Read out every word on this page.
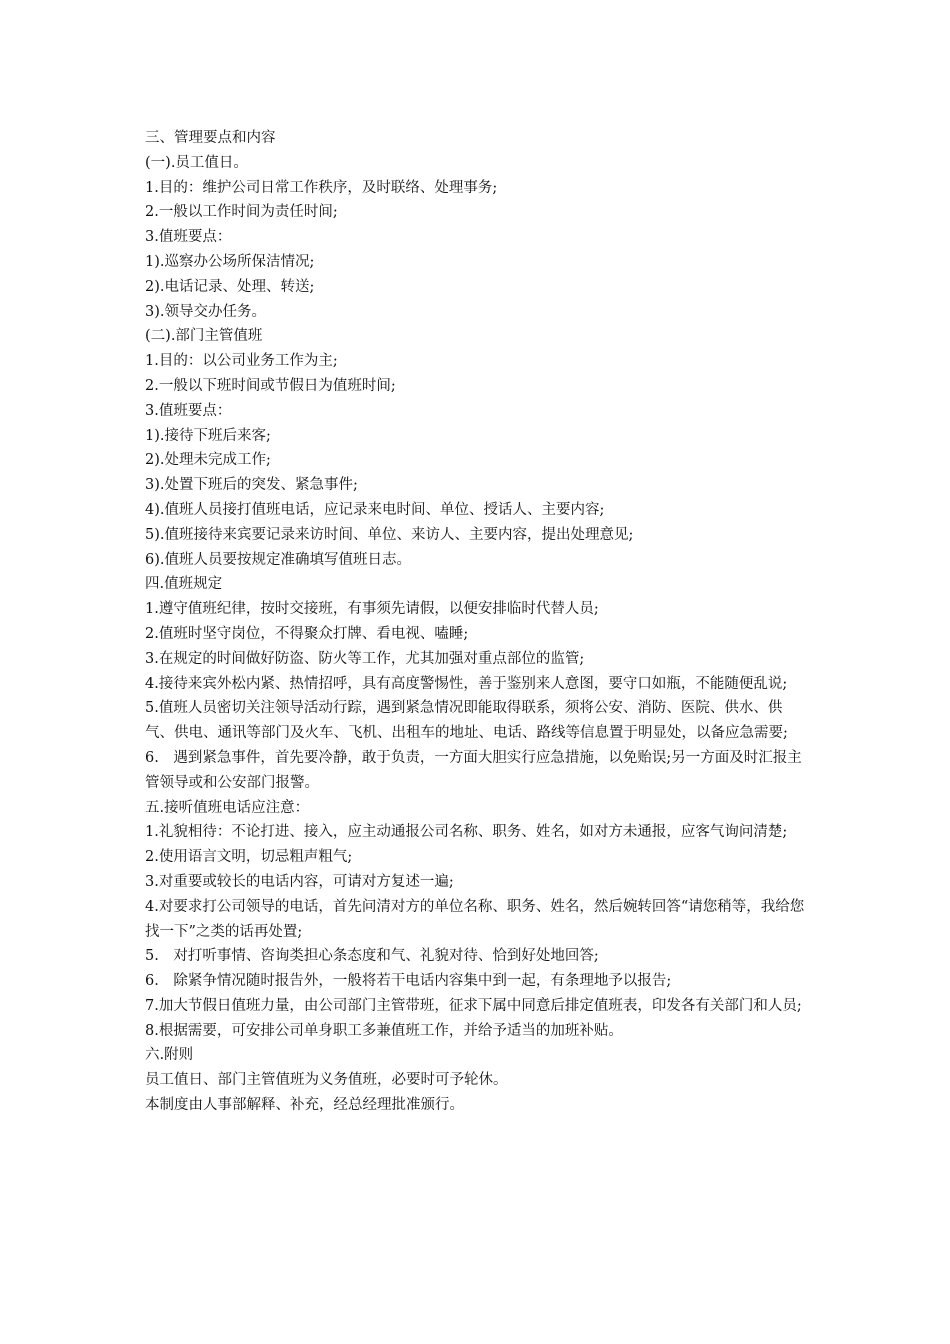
三、管理要点和内容

(一).员工值日。

1.目的：维护公司日常工作秩序，及时联络、处理事务;

2.一般以工作时间为责任时间;

3.值班要点：

1).巡察办公场所保洁情况;

2).电话记录、处理、转送;

3).领导交办任务。

(二).部门主管值班

1.目的：以公司业务工作为主;

2.一般以下班时间或节假日为值班时间;

3.值班要点：

1).接待下班后来客;

2).处理未完成工作;

3).处置下班后的突发、紧急事件;

4).值班人员接打值班电话，应记录来电时间、单位、授话人、主要内容;

5).值班接待来宾要记录来访时间、单位、来访人、主要内容，提出处理意见;

6).值班人员要按规定准确填写值班日志。

四.值班规定

1.遵守值班纪律，按时交接班，有事须先请假，以便安排临时代替人员;

2.值班时坚守岗位，不得聚众打牌、看电视、嗑睡;

3.在规定的时间做好防盗、防火等工作，尤其加强对重点部位的监管;

4.接待来宾外松内紧、热情招呼，具有高度警惕性，善于鉴别来人意图，要守口如瓶，不能随便乱说;

5.值班人员密切关注领导活动行踪，遇到紧急情况即能取得联系，须将公安、消防、医院、供水、供气、供电、通讯等部门及火车、飞机、出租车的地址、电话、路线等信息置于明显处，以备应急需要;

6.　遇到紧急事件，首先要冷静，敢于负责，一方面大胆实行应急措施，以免贻误;另一方面及时汇报主管领导或和公安部门报警。

五.接听值班电话应注意：

1.礼貌相待：不论打进、接入，应主动通报公司名称、职务、姓名，如对方未通报，应客气询问清楚;

2.使用语言文明，切忌粗声粗气;

3.对重要或较长的电话内容，可请对方复述一遍;

4.对要求打公司领导的电话，首先问清对方的单位名称、职务、姓名，然后婉转回答“请您稍等，我给您找一下”之类的话再处置;

5.　对打听事情、咨询类担心条态度和气、礼貌对待、恰到好处地回答;

6.　除紧争情况随时报告外，一般将若干电话内容集中到一起，有条理地予以报告;

7.加大节假日值班力量，由公司部门主管带班，征求下属中同意后排定值班表，印发各有关部门和人员;

8.根据需要，可安排公司单身职工多兼值班工作，并给予适当的加班补贴。

六.附则

员工值日、部门主管值班为义务值班，必要时可予轮休。

本制度由人事部解释、补充，经总经理批准颁行。
